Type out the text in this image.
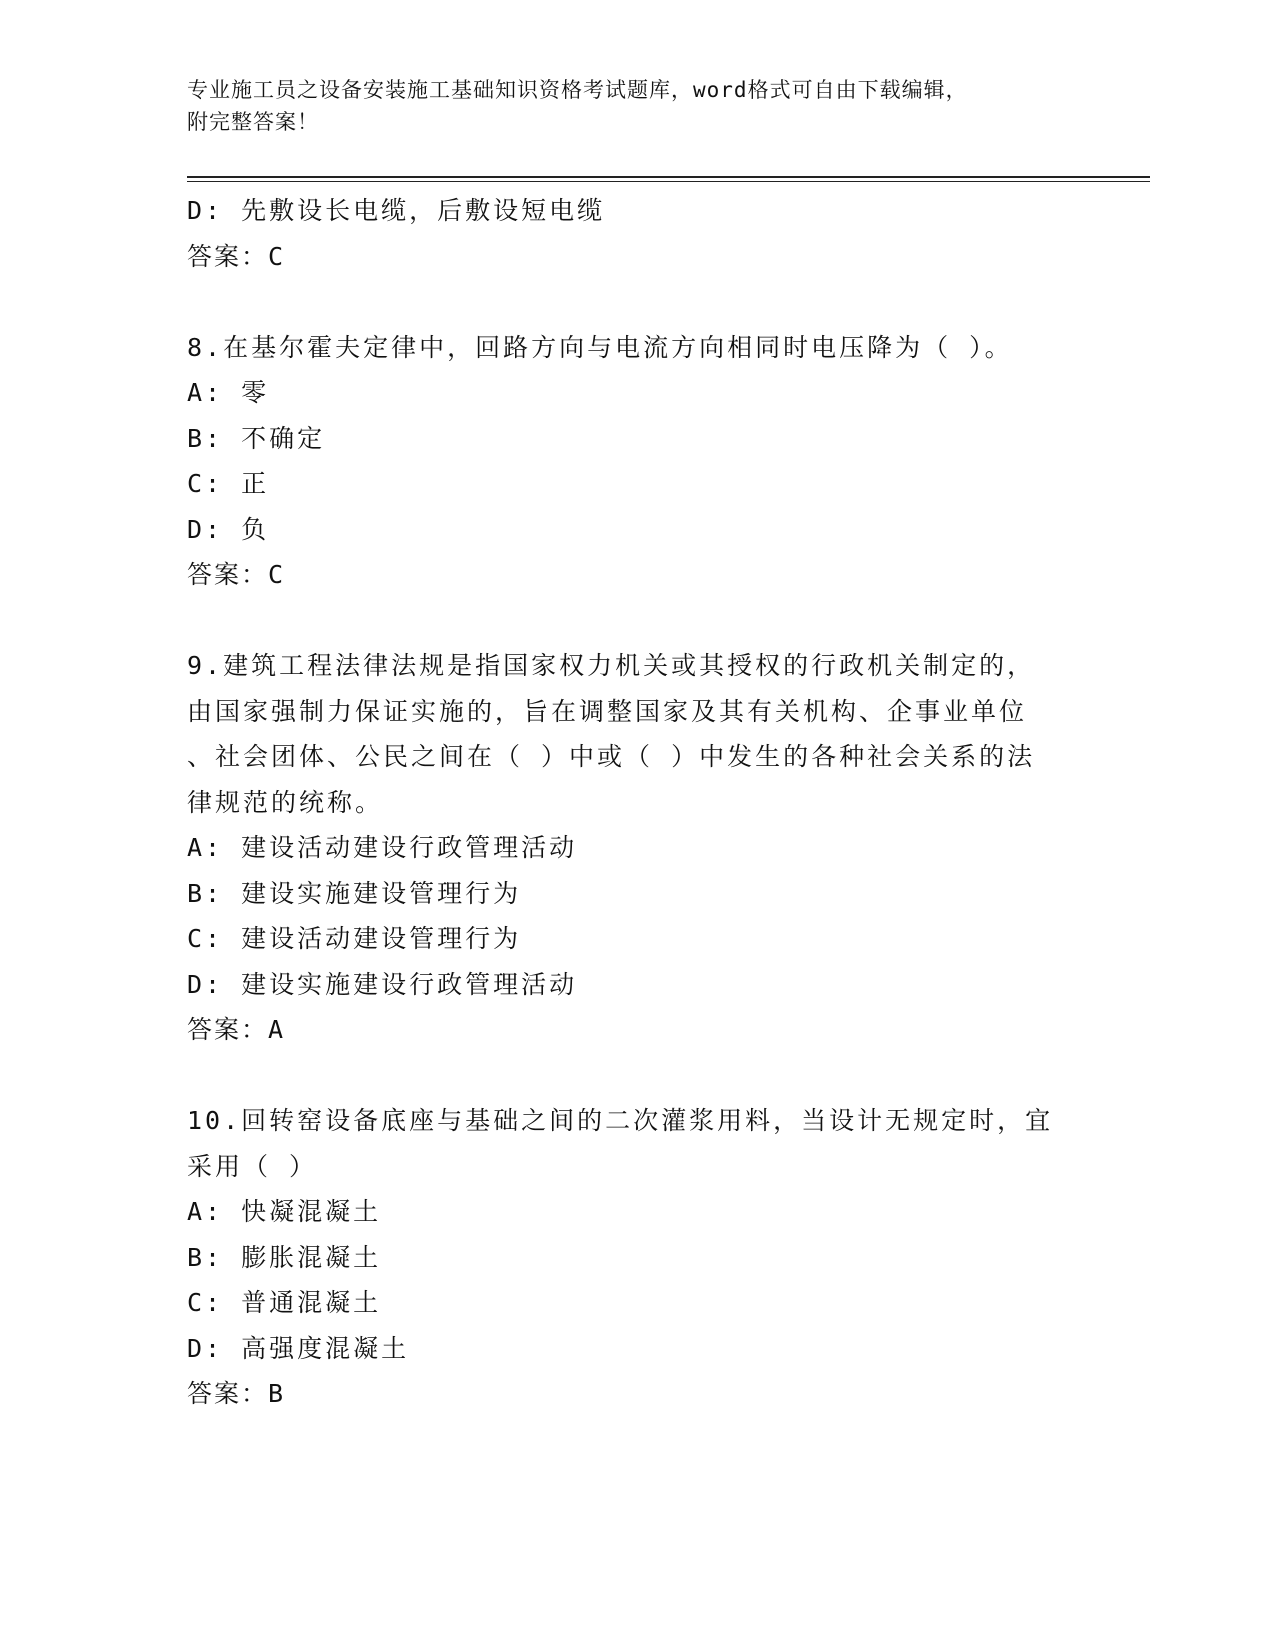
专业施工员之设备安装施工基础知识资格考试题库，word格式可自由下载编辑，
附完整答案！
D: 先敷设长电缆，后敷设短电缆
答案：C
8.在基尔霍夫定律中，回路方向与电流方向相同时电压降为（ ）。
A: 零
B: 不确定
C: 正
D: 负
答案：C
9.建筑工程法律法规是指国家权力机关或其授权的行政机关制定的，
由国家强制力保证实施的，旨在调整国家及其有关机构、企事业单位
、社会团体、公民之间在（ ）中或（ ）中发生的各种社会关系的法
律规范的统称。
A: 建设活动建设行政管理活动
B: 建设实施建设管理行为
C: 建设活动建设管理行为
D: 建设实施建设行政管理活动
答案：A
10.回转窑设备底座与基础之间的二次灌浆用料，当设计无规定时，宜
采用（ ）
A: 快凝混凝土
B: 膨胀混凝土
C: 普通混凝土
D: 高强度混凝土
答案：B
